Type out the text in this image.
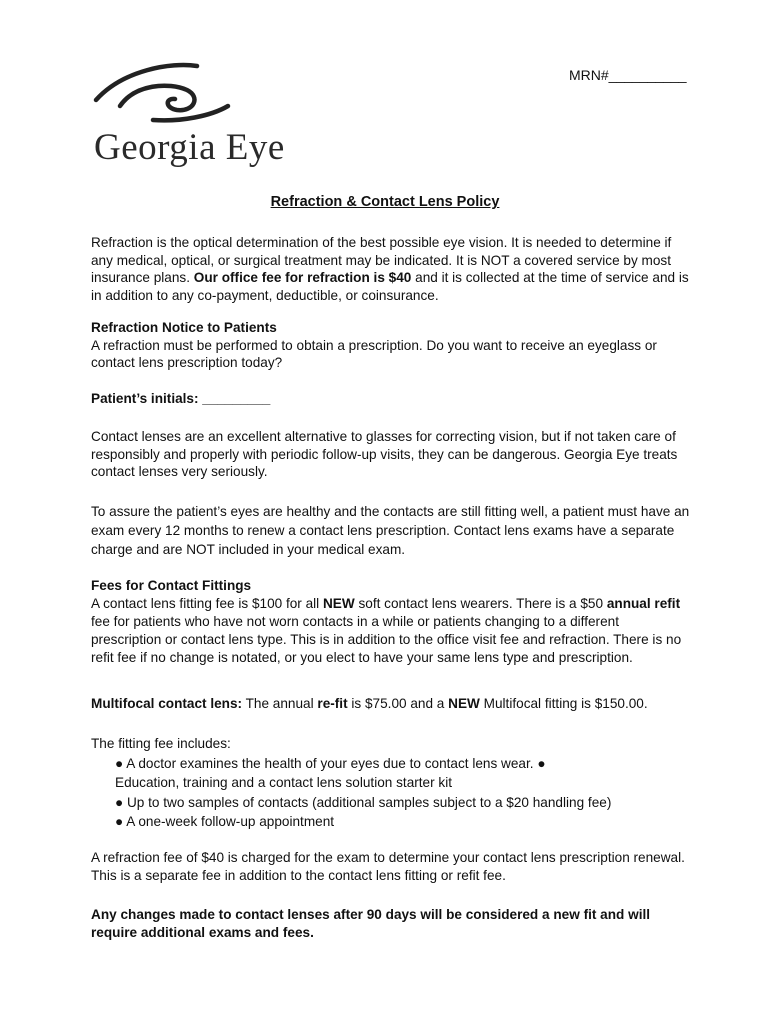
Georgia Eye
MRN#__________
Refraction & Contact Lens Policy

Refraction is the optical determination of the best possible eye vision. It is needed to determine if any medical, optical, or surgical treatment may be indicated. It is NOT a covered service by most insurance plans. Our office fee for refraction is $40 and it is collected at the time of service and is in addition to any co-payment, deductible, or coinsurance.

Refraction Notice to Patients
A refraction must be performed to obtain a prescription. Do you want to receive an eyeglass or contact lens prescription today?

Patient’s initials: _________

Contact lenses are an excellent alternative to glasses for correcting vision, but if not taken care of responsibly and properly with periodic follow-up visits, they can be dangerous. Georgia Eye treats contact lenses very seriously.

To assure the patient’s eyes are healthy and the contacts are still fitting well, a patient must have an exam every 12 months to renew a contact lens prescription. Contact lens exams have a separate charge and are NOT included in your medical exam.

Fees for Contact Fittings
A contact lens fitting fee is $100 for all NEW soft contact lens wearers. There is a $50 annual refit fee for patients who have not worn contacts in a while or patients changing to a different prescription or contact lens type. This is in addition to the office visit fee and refraction. There is no refit fee if no change is notated, or you elect to have your same lens type and prescription.

Multifocal contact lens: The annual re-fit is $75.00 and a NEW Multifocal fitting is $150.00.

The fitting fee includes:
● A doctor examines the health of your eyes due to contact lens wear. ●
Education, training and a contact lens solution starter kit
● Up to two samples of contacts (additional samples subject to a $20 handling fee)
● A one-week follow-up appointment

A refraction fee of $40 is charged for the exam to determine your contact lens prescription renewal. This is a separate fee in addition to the contact lens fitting or refit fee.

Any changes made to contact lenses after 90 days will be considered a new fit and will require additional exams and fees.
